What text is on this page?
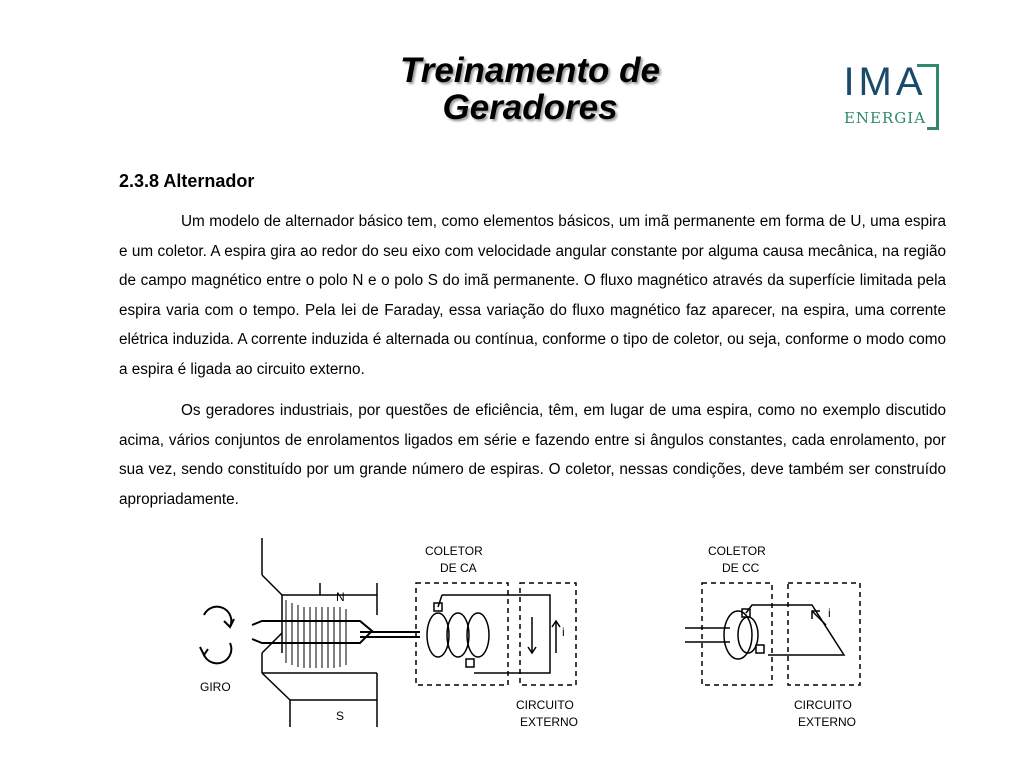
Treinamento de
Geradores
IMA
ENERGIA
2.3.8 Alternador

Um modelo de alternador básico tem, como elementos básicos, um imã permanente em forma de U, uma espira e um coletor. A espira gira ao redor do seu eixo com velocidade angular constante por alguma causa mecânica, na região de campo magnético entre o polo N e o polo S do imã permanente. O fluxo magnético através da superfície limitada pela espira varia com o tempo. Pela lei de Faraday, essa variação do fluxo magnético faz aparecer, na espira, uma corrente elétrica induzida. A corrente induzida é alternada ou contínua, conforme o tipo de coletor, ou seja, conforme o modo como a espira é ligada ao circuito externo.

Os geradores industriais, por questões de eficiência, têm, em lugar de uma espira, como no exemplo discutido acima, vários conjuntos de enrolamentos ligados em série e fazendo entre si ângulos constantes, cada enrolamento, por sua vez, sendo constituído por um grande número de espiras. O coletor, nessas condições, deve também ser construído apropriadamente.

N
S
GIRO
COLETOR
DE CA
COLETOR
DE CC
CIRCUITO
EXTERNO
CIRCUITO
EXTERNO
i
i
